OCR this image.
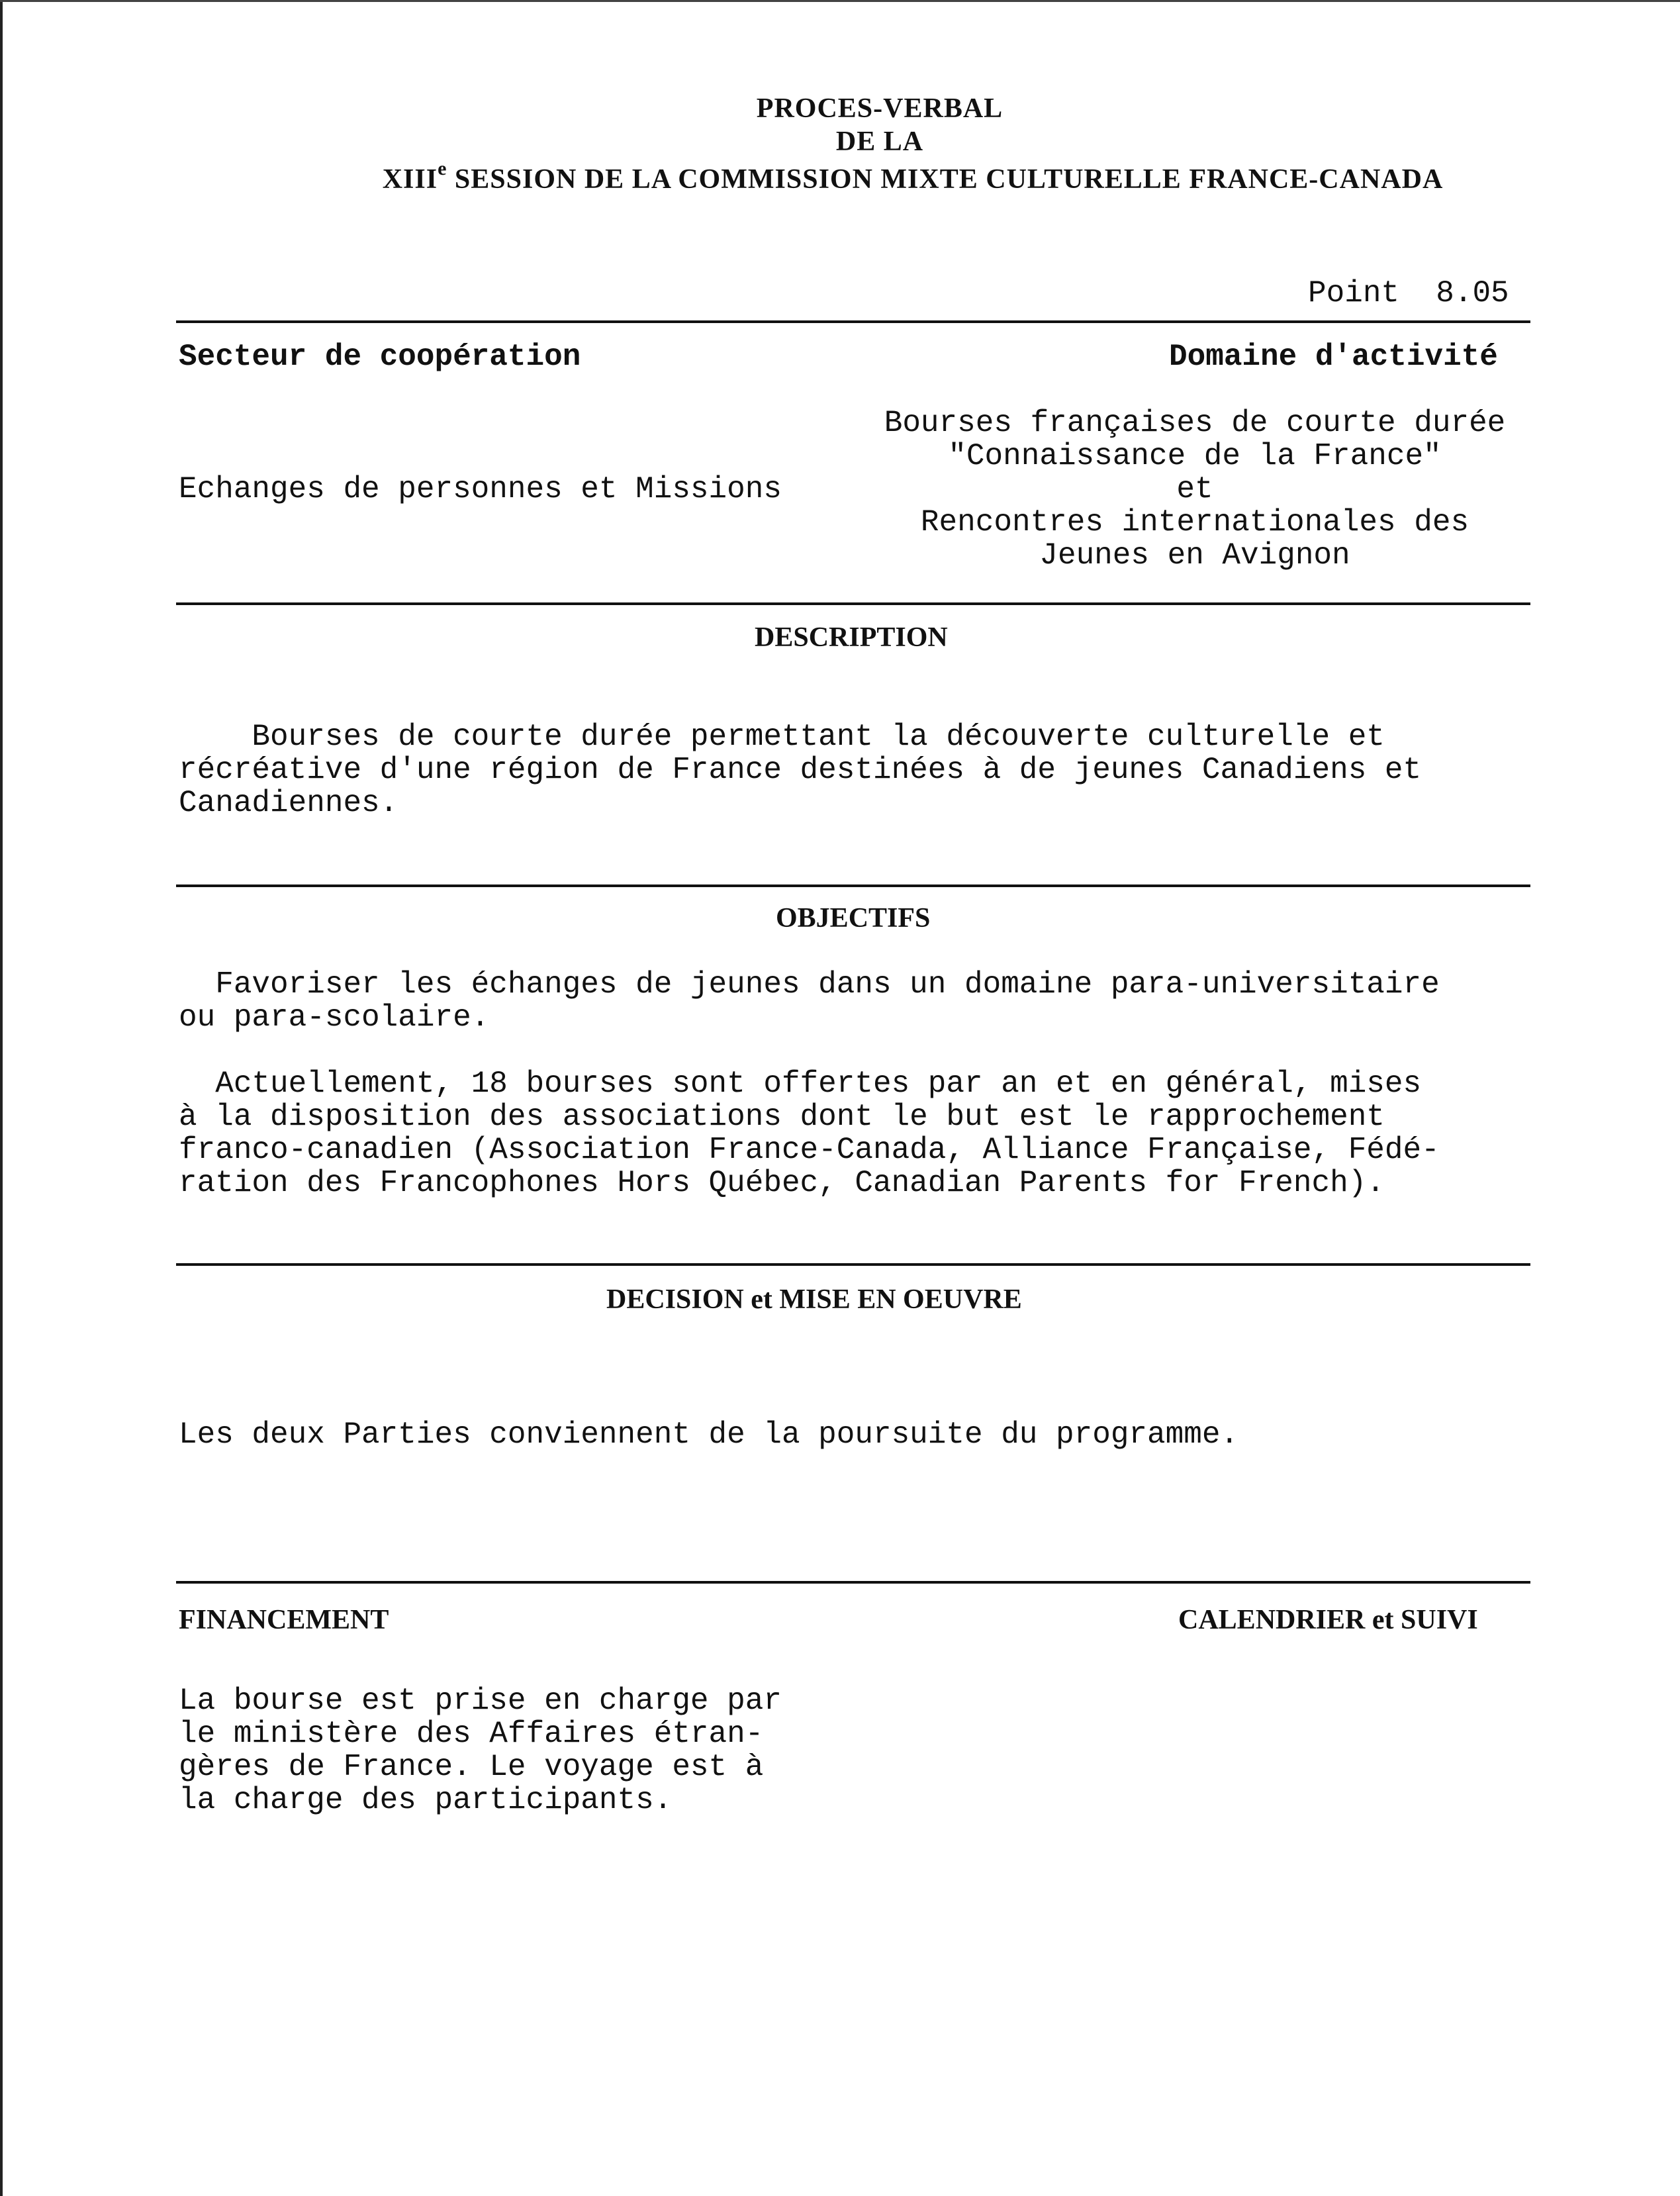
PROCES-VERBAL
DE LA
XIIIe SESSION DE LA COMMISSION MIXTE CULTURELLE FRANCE-CANADA
Point  8.05
Secteur de coopération	Domaine d'activité
Echanges de personnes et Missions
Bourses françaises de courte durée
"Connaissance de la France"
et
Rencontres internationales des
Jeunes en Avignon
DESCRIPTION
Bourses de courte durée permettant la découverte culturelle et
récréative d'une région de France destinées à de jeunes Canadiens et
Canadiennes.
OBJECTIFS
Favoriser les échanges de jeunes dans un domaine para-universitaire
ou para-scolaire.
Actuellement, 18 bourses sont offertes par an et en général, mises
à la disposition des associations dont le but est le rapprochement
franco-canadien (Association France-Canada, Alliance Française, Fédé-
ration des Francophones Hors Québec, Canadian Parents for French).
DECISION et MISE EN OEUVRE
Les deux Parties conviennent de la poursuite du programme.
FINANCEMENT	CALENDRIER et SUIVI
La bourse est prise en charge par
le ministère des Affaires étran-
gères de France. Le voyage est à
la charge des participants.
